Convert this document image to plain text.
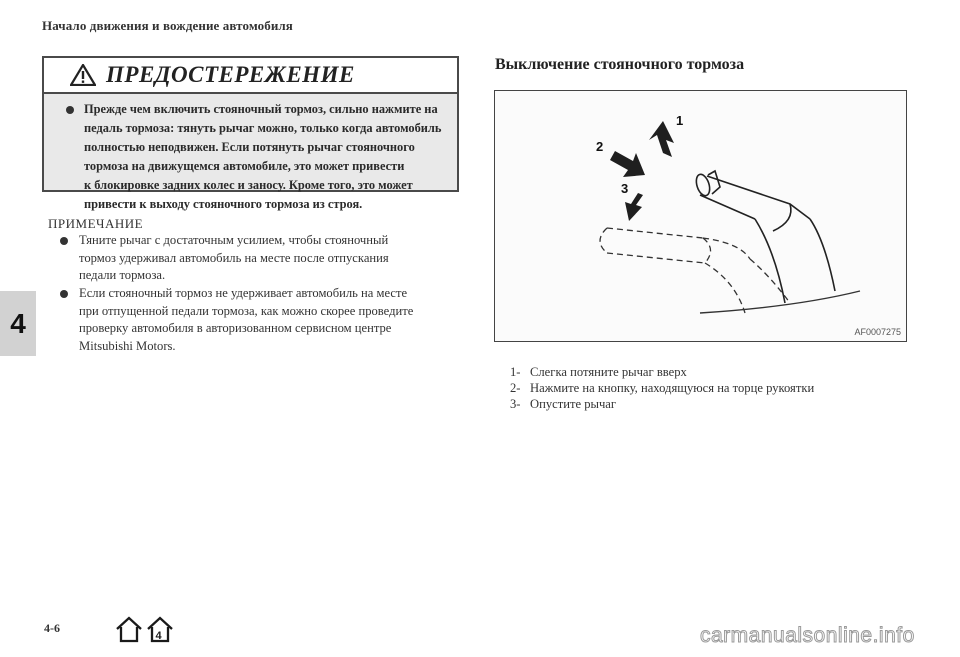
Начало движения и вождение автомобиля
ПРЕДОСТЕРЕЖЕНИЕ
Прежде чем включить стояночный тормоз, сильно нажмите на
педаль тормоза: тянуть рычаг можно, только когда автомобиль
полностью неподвижен. Если потянуть рычаг стояночного
тормоза на движущемся автомобиле, это может привести
к блокировке задних колес и заносу. Кроме того, это может
привести к выходу стояночного тормоза из строя.
ПРИМЕЧАНИЕ
Тяните рычаг с достаточным усилием, чтобы стояночный
тормоз удерживал автомобиль на месте после отпускания
педали тормоза.
Если стояночный тормоз не удерживает автомобиль на месте
при отпущенной педали тормоза, как можно скорее проведите
проверку автомобиля в авторизованном сервисном центре
Mitsubishi Motors.
4
Выключение стояночного тормоза
1
2
3
AF0007275
1- Слегка потяните рычаг вверх
2- Нажмите на кнопку, находящуюся на торце рукоятки
3- Опустите рычаг
4-6
4	carmanualsonline.info
